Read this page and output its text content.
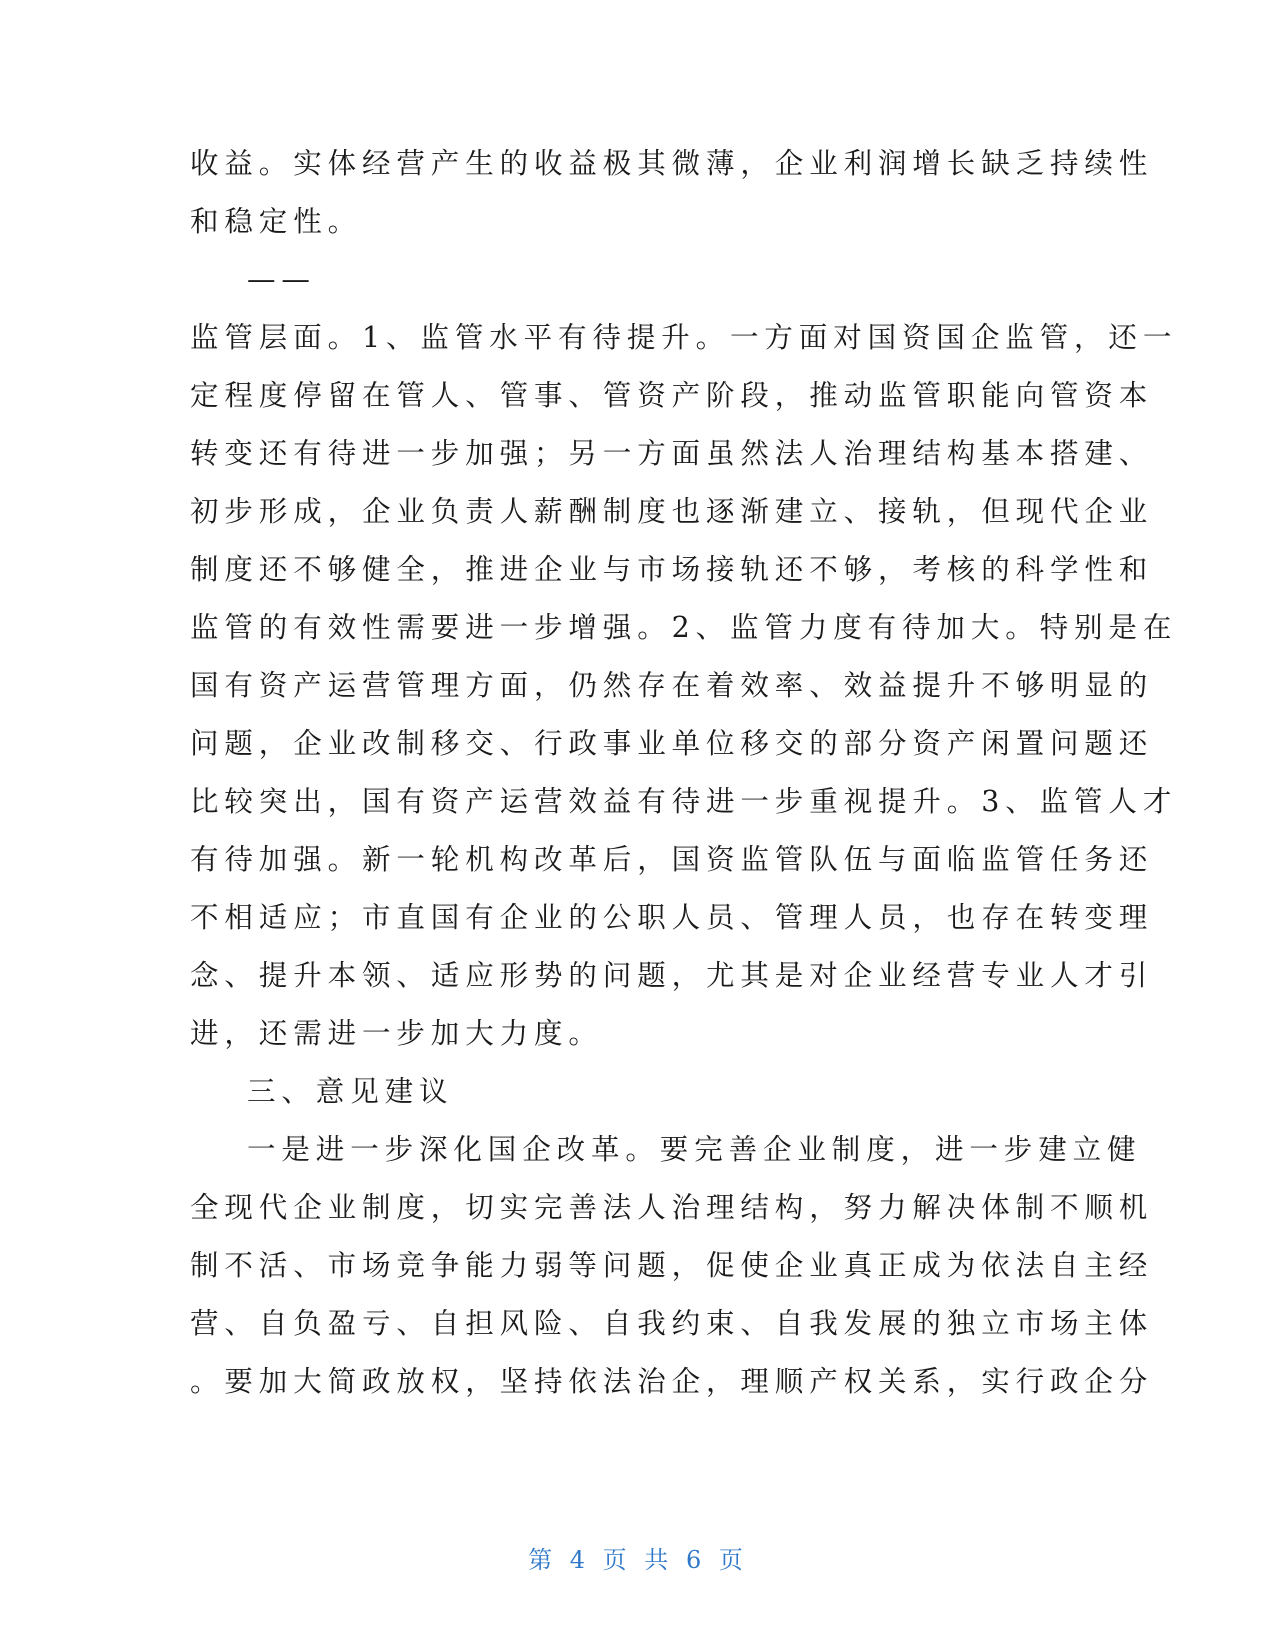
收益。实体经营产生的收益极其微薄，企业利润增长缺乏持续性
和稳定性。
——
监管层面。1、监管水平有待提升。一方面对国资国企监管，还一
定程度停留在管人、管事、管资产阶段，推动监管职能向管资本
转变还有待进一步加强；另一方面虽然法人治理结构基本搭建、
初步形成，企业负责人薪酬制度也逐渐建立、接轨，但现代企业
制度还不够健全，推进企业与市场接轨还不够，考核的科学性和
监管的有效性需要进一步增强。2、监管力度有待加大。特别是在
国有资产运营管理方面，仍然存在着效率、效益提升不够明显的
问题，企业改制移交、行政事业单位移交的部分资产闲置问题还
比较突出，国有资产运营效益有待进一步重视提升。3、监管人才
有待加强。新一轮机构改革后，国资监管队伍与面临监管任务还
不相适应；市直国有企业的公职人员、管理人员，也存在转变理
念、提升本领、适应形势的问题，尤其是对企业经营专业人才引
进，还需进一步加大力度。
三、意见建议
一是进一步深化国企改革。要完善企业制度，进一步建立健
全现代企业制度，切实完善法人治理结构，努力解决体制不顺机
制不活、市场竞争能力弱等问题，促使企业真正成为依法自主经
营、自负盈亏、自担风险、自我约束、自我发展的独立市场主体
。要加大简政放权，坚持依法治企，理顺产权关系，实行政企分
第 4 页 共 6 页
